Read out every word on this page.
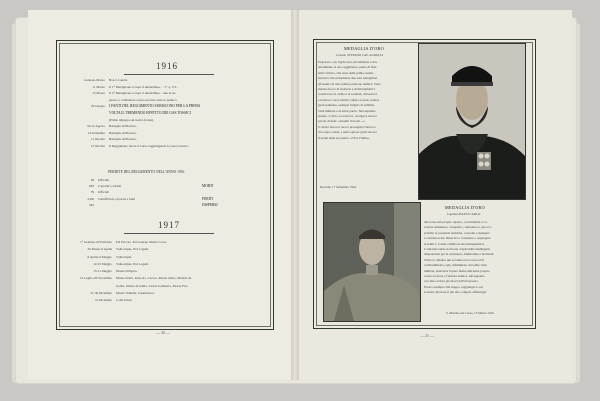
1916
Gennaio-Marzo Bosco Lanzia.
11 Marzo Il 1° Battaglione occupa il «Rebelline» - "1" q. 171.
15 Marzo Il 2° Battaglione occupa il «Rebelline» - due in un
giorno a combattere contro un forte attacco nemico.
29 Giugno I FANTI DEL REGGIMENTO SUBISCONO PER LA PRIMA
VOLTA IL TREMENDO EFFETTO DEI GAS TOSSICI
(Prima impiego sul nostro fronte).
10-12 Agosto Battaglie dell'Isonzo.
14 Settembre Battaglia dell'Isonzo.
11 Ottobre Battaglia dell'Isonzo.
15 Ottobre Il Reggimento lascia il Carso raggiungendo la zona Carnica.
PERDITE DEL REGGIMENTO NELL'ANNO 1916
28 Ufficiali
683 Caporali e soldati	MORTI
79 Ufficiali
2430 Sottufficiali, caporali e fanti	FERITI
481	DISPERSI
1917
1° Gennaio-20 Febbraio Pal Piccolo, Pal Grande, Monte Croce.
20 Marzo-6 Aprile Volkovnjak, Pod Logem.
6 Aprile-9 Maggio Volkovnjak.
12-25 Maggio Volkovnjak, Pod Logem.
15-31 Maggio Monte Ortigara.
12 Luglio-20 Novembre Monte Zebio, Roncolo, Caroso, Monte Zebio, Malette da
Gallio, Monte di Gallio, Castel Gomberto, Monte Fior.
21-30 Dicembre Monte Valbella, Castelnuovo.
31 Dicembre Colle Echar.
— 20 —
MEDAGLIA D'ORO
Colonn. STEFANO CAV. AGNELLI
Preparato, con vigile cura, moralmente e ma-
terialmente, il suo reggimento, pieno di fede
nella vittoria, alla testa della prima ondata
lanciava vittoriosamente due suoi battaglioni
all'assalto di una solida posizione nemica. Sotto
intenso fuoco di fucileria e di mitragliatrici
conservava la calma e la serenità, rincuorava
e incitava i suoi, finché colpito al petto cadeva
gloriosamente, esempio fulgido di sublime
virtù militare e di amor patrio. Nel supremo
istante, a chi lo soccorreva, rivolgeva ancora
parole di fede: «Avanti! Savoia!...».
S. incitò ancora i suoi a proseguire l'attacco.
Tra colpo cadde, e nello spirare gridò ancora
il nome della sua patria: «Viva l'Italia».
Dovrabj, 17 Settembre 1916.
MEDAGLIA D'ORO
Capitano BAZZI CARLO
Alla testa del proprio reparto, con mirabile e co-
sciente ardimento, conquistò, contrattaccò, gio e ri-
pristinò le posizioni nemiche, costrette a ripiegare
e contrattaccate. Riusciva a contenere e respingere
il nemico. Cadde vittima di una mitragliatrice.
Contrattaccando da fronte colpiti dalle intelligenti
disposizioni per la resistenza, ammirando e incitando
l'attacco. Mentre più accanita era la lotta ed il
combattimento, egli, infiammato di nobile virtù
militare, slanciava l'opera ferma dell'arma propria
contro la forza e l'armata nemica, infrangendo
con fiero ardore gli sforzi dell'avversario.
Eroico esempio alla truppa, raggiungeva con
la morte gloriosa il più alto compito affidatogli.
S. Martino del Carso, 15 Marzo 1916.
— 21 —
